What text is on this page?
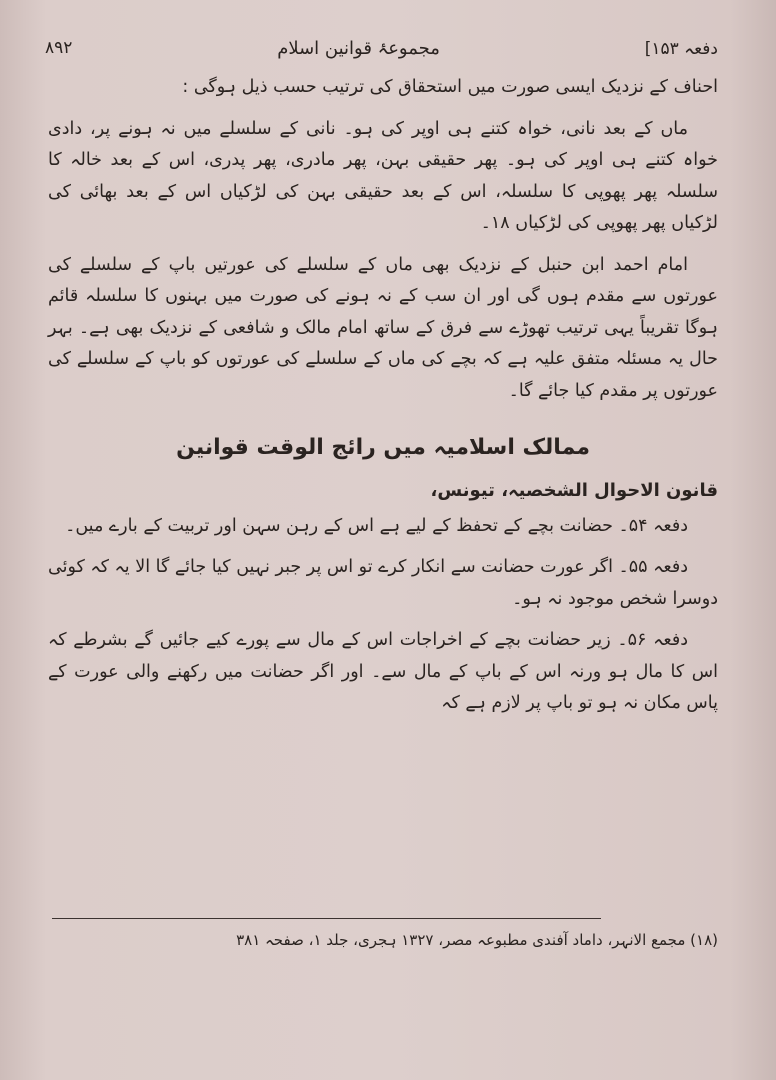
۸۹۲	مجموعۂ قوانین اسلام	[دفعہ ۱۵۳

احناف کے نزدیک ایسی صورت میں استحقاق کی ترتیب حسب ذیل ہوگی :

ماں کے بعد نانی، خواہ کتنے ہی اوپر کی ہو۔ نانی کے سلسلے میں نہ ہونے پر، دادی خواہ کتنے ہی اوپر کی ہو۔ پھر حقیقی بہن، پھر مادری، پھر پدری، اس کے بعد خالہ کا سلسلہ پھر پھوپی کا سلسلہ، اس کے بعد حقیقی بہن کی لڑکیاں اس کے بعد بھائی کی لڑکیاں پھر پھوپی کی لڑکیاں ۱۸۔

امام احمد ابن حنبل کے نزدیک بھی ماں کے سلسلے کی عورتیں باپ کے سلسلے کی عورتوں سے مقدم ہوں گی اور ان سب کے نہ ہونے کی صورت میں بہنوں کا سلسلہ قائم ہوگا تقریباً یہی ترتیب تھوڑے سے فرق کے ساتھ امام مالک و شافعی کے نزدیک بھی ہے۔ بہر حال یہ مسئلہ متفق علیہ ہے کہ بچے کی ماں کے سلسلے کی عورتوں کو باپ کے سلسلے کی عورتوں پر مقدم کیا جائے گا۔

ممالک اسلامیہ میں رائج الوقت قوانین
قانون الاحوال الشخصیہ، تیونس،

دفعہ ۵۴۔ حضانت بچے کے تحفظ کے لیے ہے اس کے رہن سہن اور تربیت کے بارے میں۔

دفعہ ۵۵۔ اگر عورت حضانت سے انکار کرے تو اس پر جبر نہیں کیا جائے گا الا یہ کہ کوئی دوسرا شخص موجود نہ ہو۔

دفعہ ۵۶۔ زیر حضانت بچے کے اخراجات اس کے مال سے پورے کیے جائیں گے بشرطے کہ اس کا مال ہو ورنہ اس کے باپ کے مال سے۔ اور اگر حضانت میں رکھنے والی عورت کے پاس مکان نہ ہو تو باپ پر لازم ہے کہ

(۱۸) مجمع الانہر، داماد آفندی مطبوعہ مصر، ۱۳۲۷ ہجری، جلد ۱، صفحہ ۳۸۱
